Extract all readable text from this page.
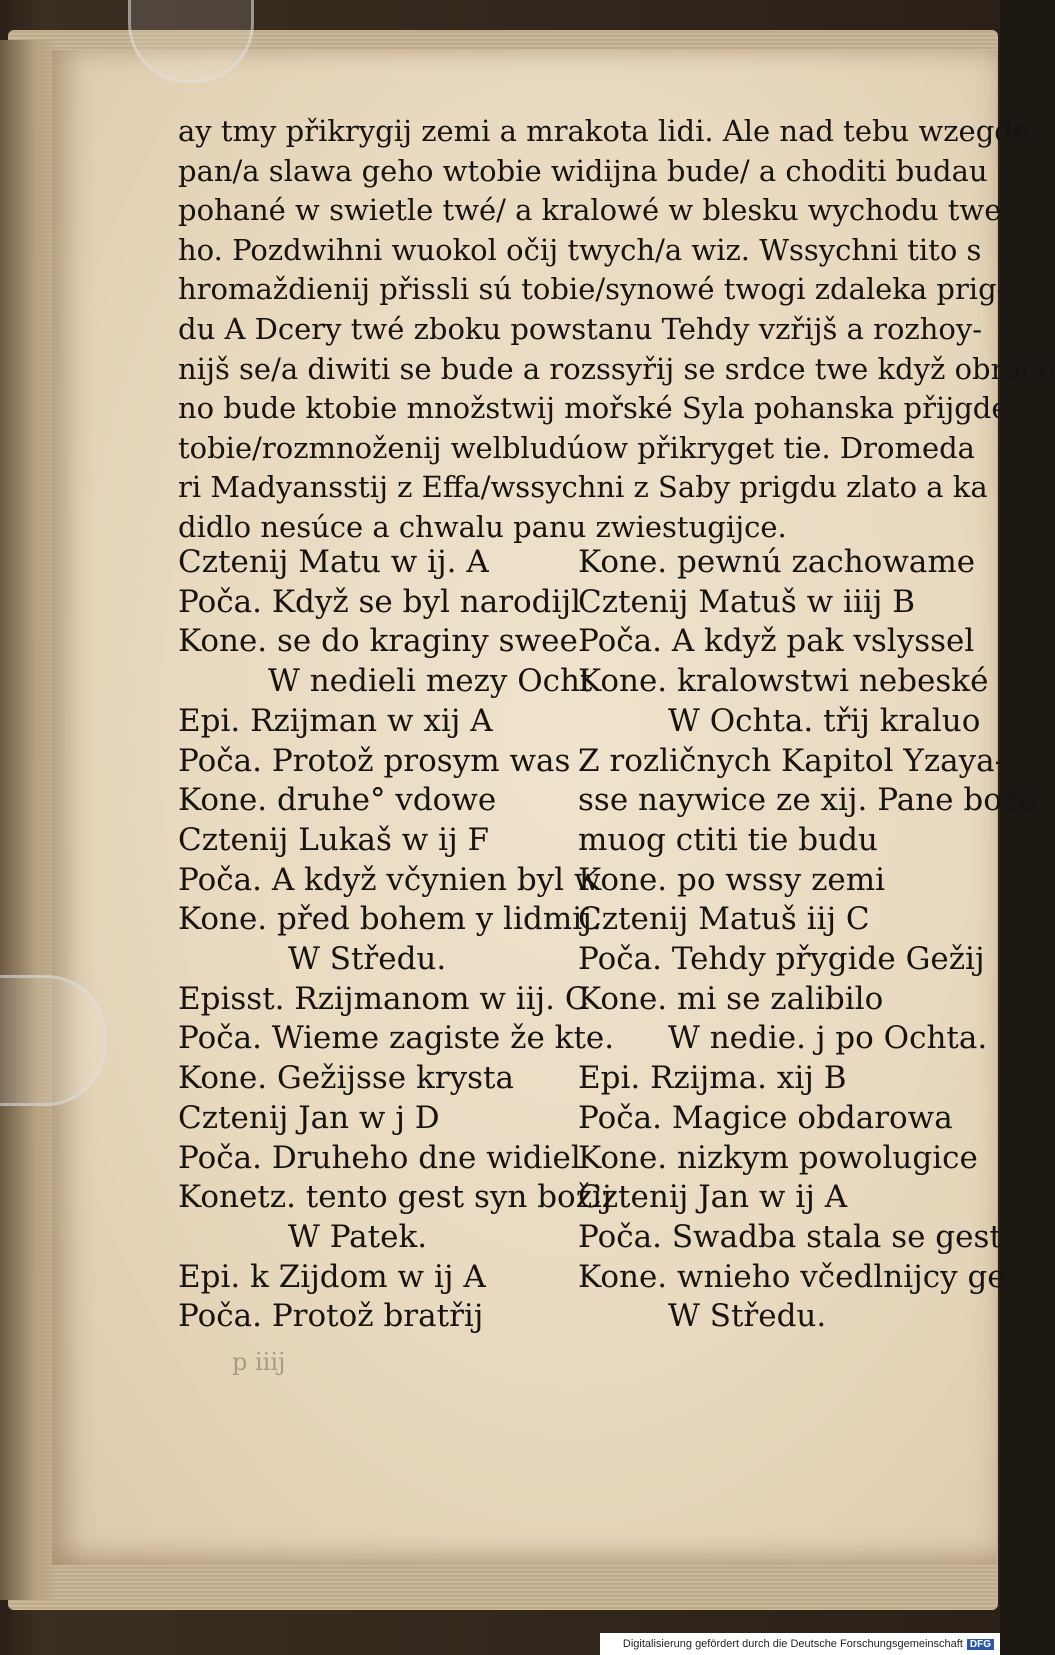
ay tmy přikrygij zemi a mrakota lidi. Ale nad tebu wzegde
pan/a slawa geho wtobie widijna bude/ a choditi budau
pohané w swietle twé/ a kralowé w blesku wychodu twe
ho. Pozdwihni wuokol očij twych/a wiz. Wssychni tito s
hromaždienij přissli sú tobie/synowé twogi zdaleka prig-
du A Dcery twé zboku powstanu Tehdy vzřijš a rozhoy-
nijš se/a diwiti se bude a rozssyřij se srdce twe když obrace
no bude ktobie množstwij mořské Syla pohanska přijgde
tobie/rozmnoženij welbludúow přikryget tie. Dromeda
ri Madyansstij z Effa/wssychni z Saby prigdu zlato a ka
didlo nesúce a chwalu panu zwiestugijce.
Cztenij Matu w ij. A
Poča. Když se byl narodijl
Kone. se do kraginy swee
W nedieli mezy Ocht
Epi. Rzijman w xij A
Poča. Protož prosym was
Kone. druhe° vdowe
Cztenij Lukaš w ij F
Poča. A když včynien byl w
Kone. před bohem y lidmij.
W Středu.
Episst. Rzijmanom w iij. C
Poča. Wieme zagiste že kte.
Kone. Gežijsse krysta
Cztenij Jan w j D
Poča. Druheho dne widiel
Konetz. tento gest syn božij
W Patek.
Epi. k Zijdom w ij A
Poča. Protož bratřij
Kone. pewnú zachowame
Cztenij Matuš w iiij B
Poča. A když pak vslyssel
Kone. kralowstwi nebeské
W Ochta. třij kraluo
Z rozličnych Kapitol Yzaya-
sse naywice ze xij. Pane bože
muog ctiti tie budu
Kone. po wssy zemi
Cztenij Matuš iij C
Poča. Tehdy přygide Gežij
Kone. mi se zalibilo
W nedie. j po Ochta.
Epi. Rzijma. xij B
Poča. Magice obdarowa
Kone. nizkym powolugice
Cztenij Jan w ij A
Poča. Swadba stala se gest
Kone. wnieho včedlnijcy ge
W Středu.
p iiij
Digitalisierung gefördert durch die Deutsche Forschungsgemeinschaft DFG
